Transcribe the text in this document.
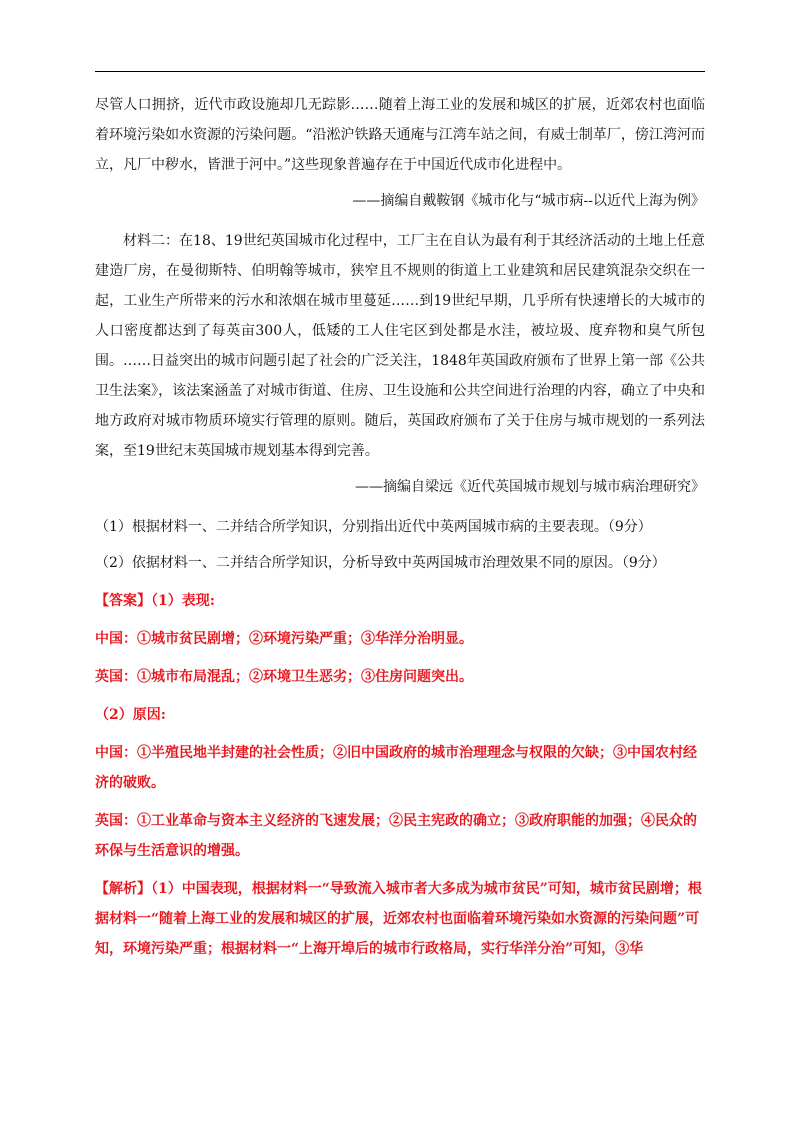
尽管人口拥挤，近代市政设施却几无踪影……随着上海工业的发展和城区的扩展，近郊农村也面临着环境污染如水资源的污染问题。“沿淞沪铁路天通庵与江湾车站之间，有威士制革厂，傍江湾河而立，凡厂中秽水，皆泄于河中。”这些现象普遍存在于中国近代成市化进程中。

——摘编自戴鞍钢《城市化与“城市病--以近代上海为例》

材料二：在18、19世纪英国城市化过程中，工厂主在自认为最有利于其经济活动的土地上任意建造厂房，在曼彻斯特、伯明翰等城市，狭窄且不规则的街道上工业建筑和居民建筑混杂交织在一起，工业生产所带来的污水和浓烟在城市里蔓延……到19世纪早期，几乎所有快速增长的大城市的人口密度都达到了每英亩300人，低矮的工人住宅区到处都是水洼，被垃圾、度弃物和臭气所包围。……日益突出的城市问题引起了社会的广泛关注，1848年英国政府颁布了世界上第一部《公共卫生法案》，该法案涵盖了对城市街道、住房、卫生设施和公共空间进行治理的内容，确立了中央和地方政府对城市物质环境实行管理的原则。随后，英国政府颁布了关于住房与城市规划的一系列法案，至19世纪末英国城市规划基本得到完善。

——摘编自梁远《近代英国城市规划与城市病治理研究》

（1）根据材料一、二并结合所学知识，分别指出近代中英两国城市病的主要表现。（9分）

（2）依据材料一、二并结合所学知识，分析导致中英两国城市治理效果不同的原因。（9分）

【答案】（1）表现:

中国：①城市贫民剧增；②环境污染严重；③华洋分治明显。

英国：①城市布局混乱；②环境卫生恶劣；③住房问题突出。

（2）原因:

中国：①半殖民地半封建的社会性质；②旧中国政府的城市治理理念与权限的欠缺；③中国农村经济的破败。

英国：①工业革命与资本主义经济的飞速发展；②民主宪政的确立；③政府职能的加强；④民众的环保与生活意识的增强。

【解析】（1）中国表现，根据材料一“导致流入城市者大多成为城市贫民”可知，城市贫民剧增；根据材料一“随着上海工业的发展和城区的扩展，近郊农村也面临着环境污染如水资源的污染问题”可知，环境污染严重；根据材料一“上海开埠后的城市行政格局，实行华洋分治”可知，③华
